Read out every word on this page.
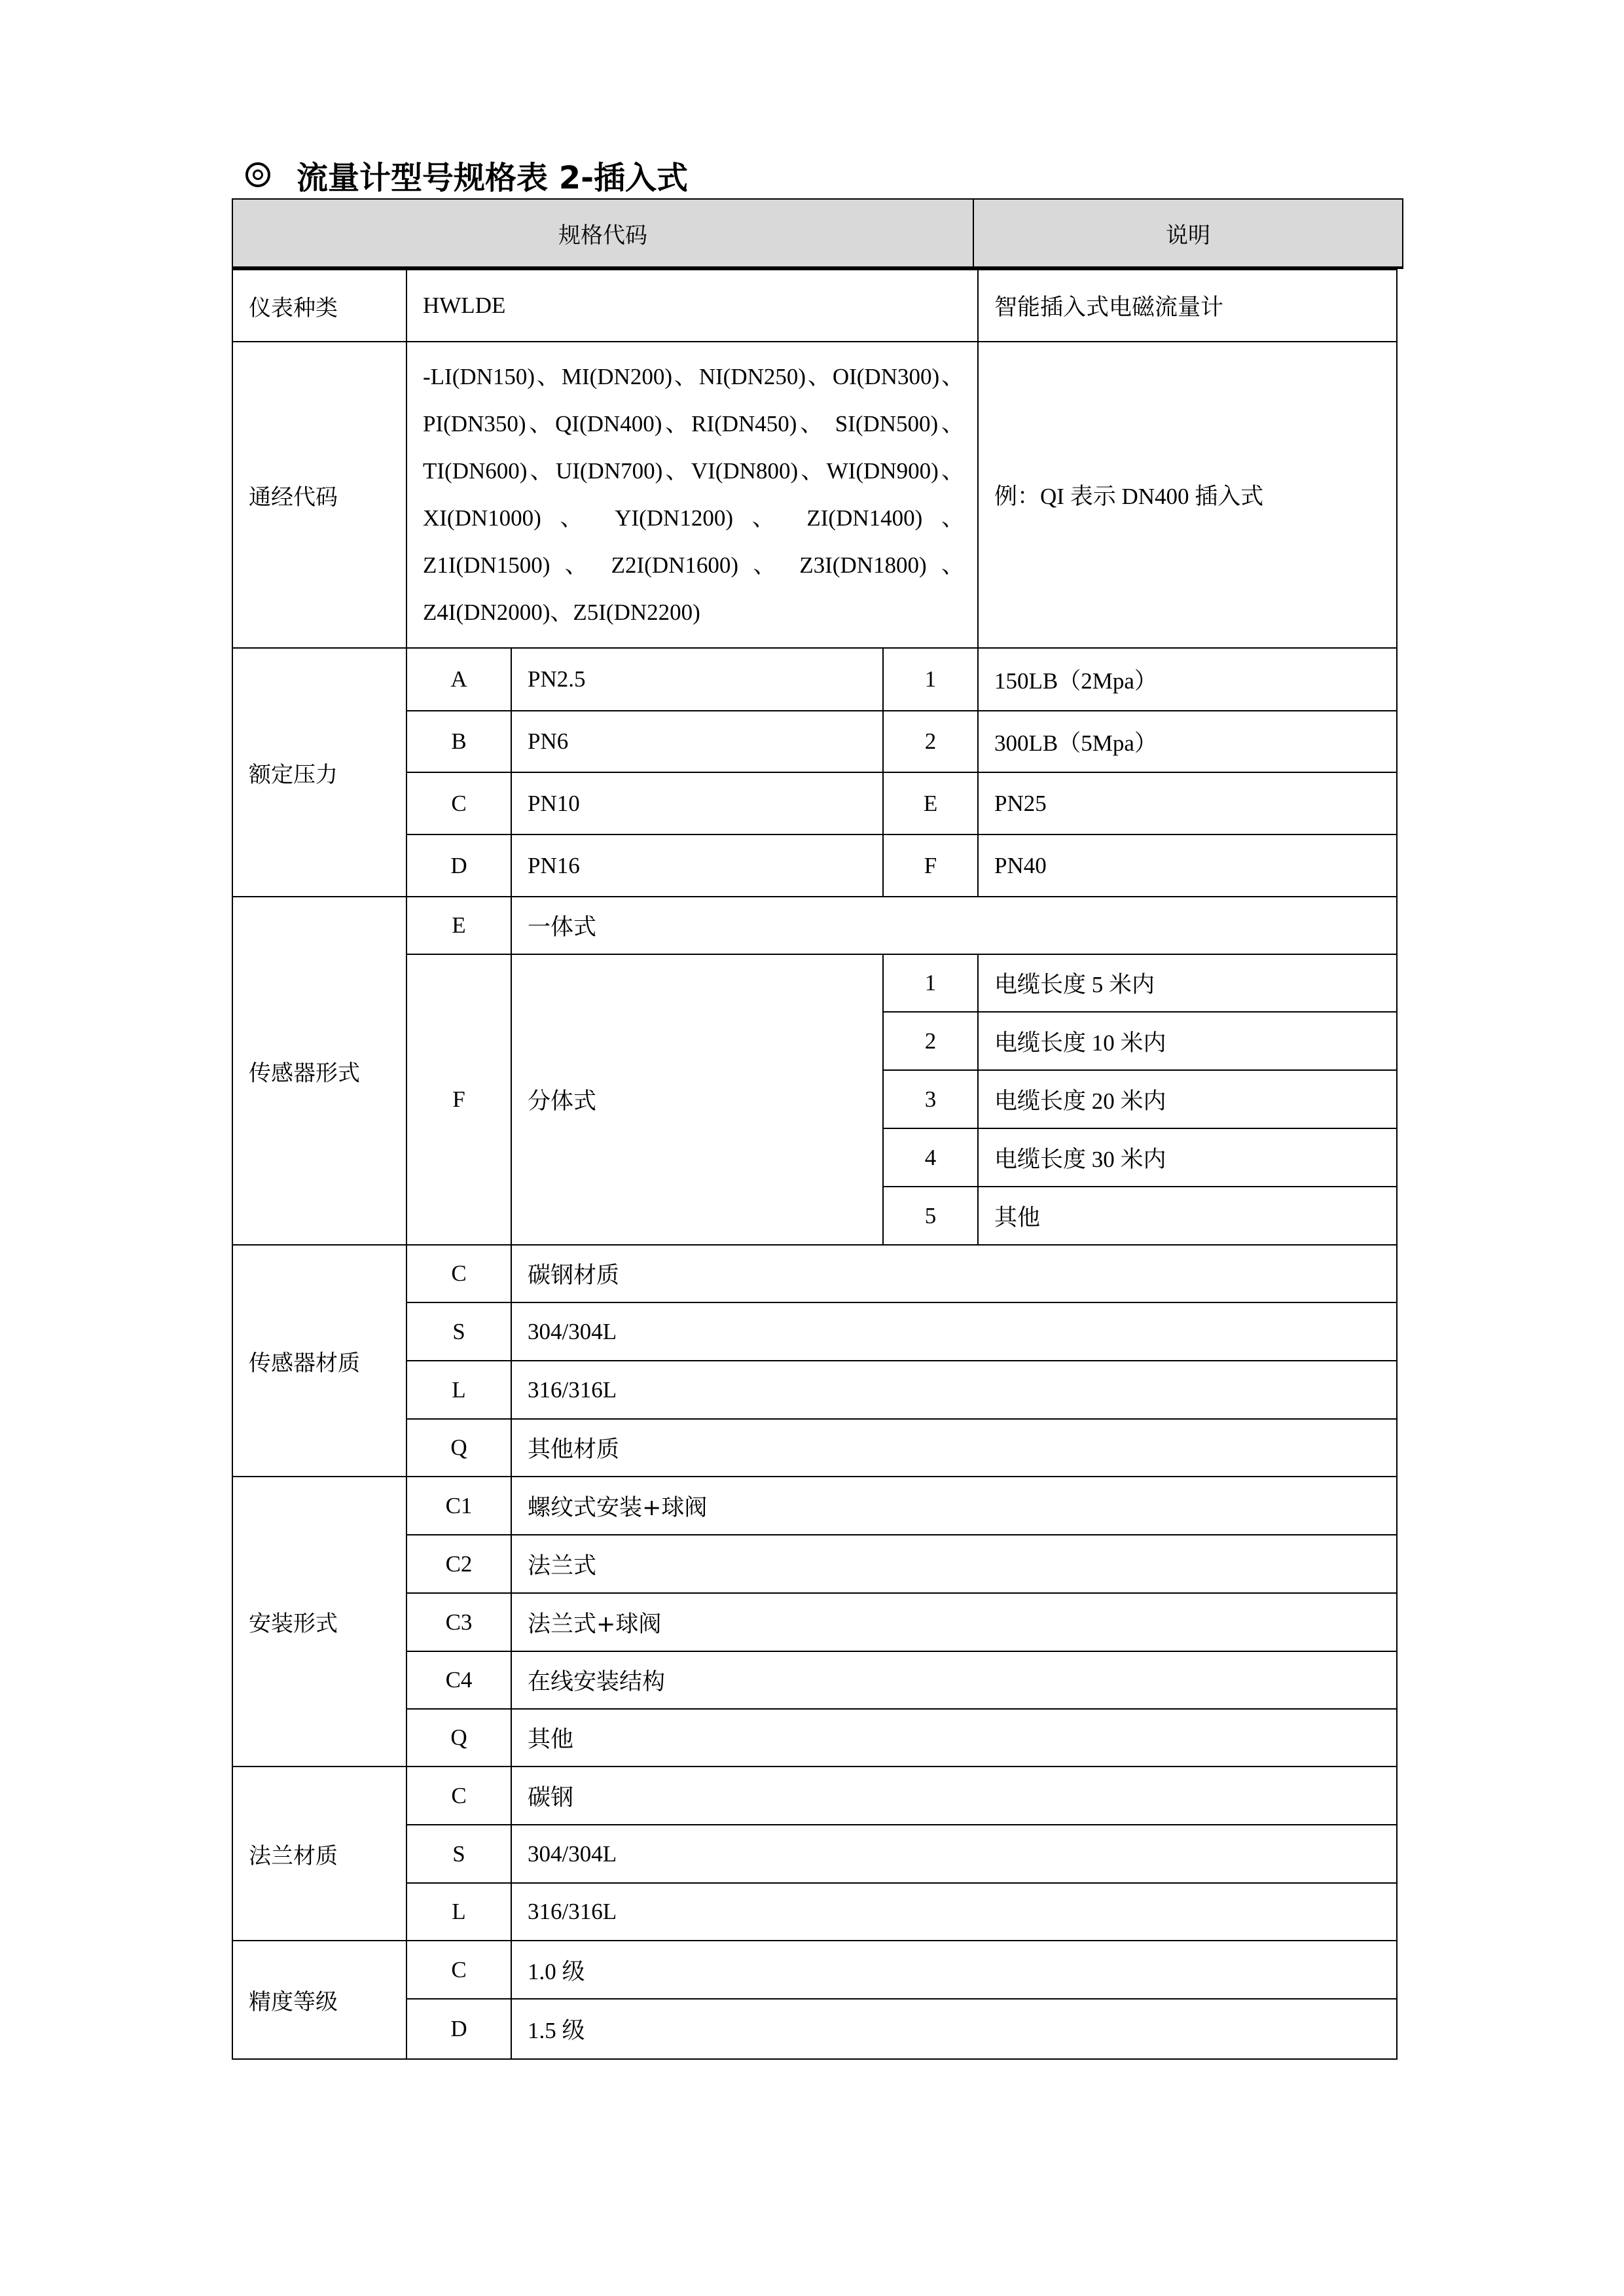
流量计型号规格表 2-插入式
规格代码	说明
仪表种类	HWLDE			智能插入式电磁流量计
通经代码	-LI(DN150)、MI(DN200)、NI(DN250)、OI(DN300)、PI(DN350)、QI(DN400)、RI(DN450)、 SI(DN500)、TI(DN600)、UI(DN700)、VI(DN800)、WI(DN900)、XI(DN1000) 、 YI(DN1200) 、 ZI(DN1400) 、Z1I(DN1500) 、 Z2I(DN1600) 、 Z3I(DN1800) 、Z4I(DN2000)、Z5I(DN2200)			例：QI 表示 DN400 插入式
额定压力	A	PN2.5	1	150LB（2Mpa）
	B	PN6	2	300LB（5Mpa）
	C	PN10	E	PN25
	D	PN16	F	PN40
传感器形式	E	一体式		
	F	分体式	1	电缆长度 5 米内
			2	电缆长度 10 米内
			3	电缆长度 20 米内
			4	电缆长度 30 米内
			5	其他
传感器材质	C	碳钢材质		
	S	304/304L		
	L	316/316L		
	Q	其他材质		
安装形式	C1	螺纹式安装+球阀		
	C2	法兰式		
	C3	法兰式+球阀		
	C4	在线安装结构		
	Q	其他		
法兰材质	C	碳钢		
	S	304/304L		
	L	316/316L		
精度等级	C	1.0 级		
	D	1.5 级		
